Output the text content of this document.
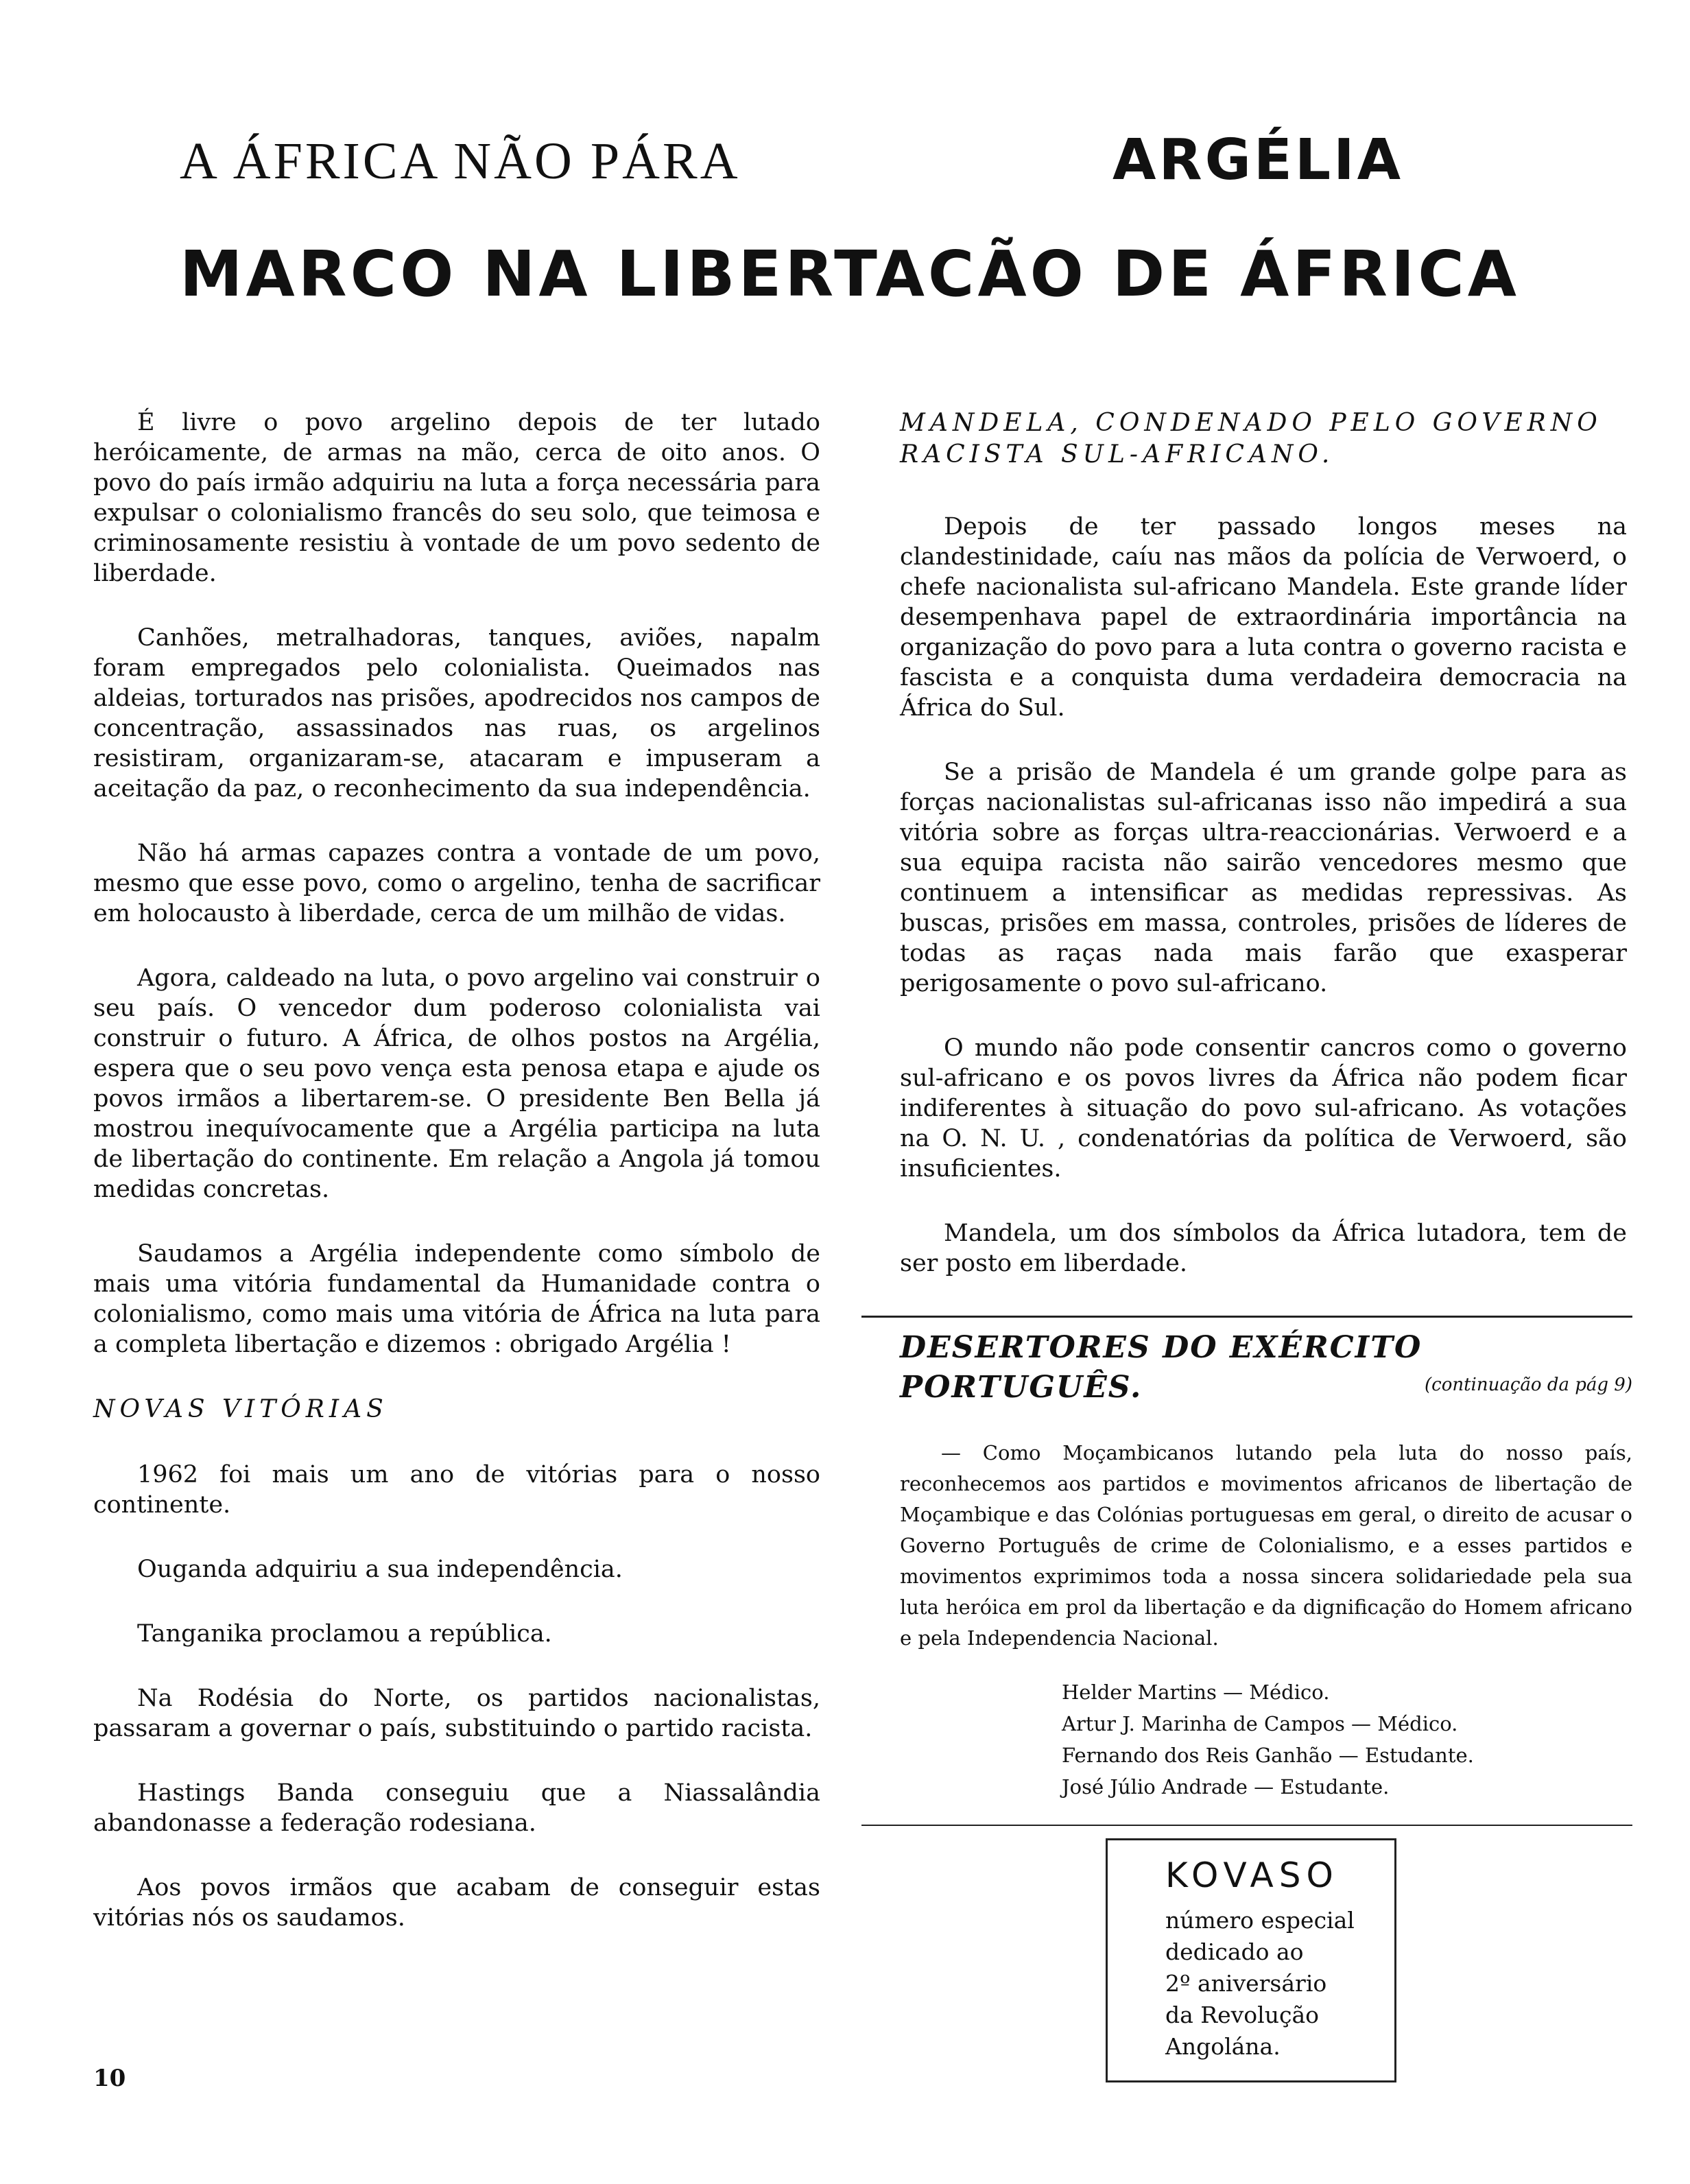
A ÁFRICA NÃO PÁRA	ARGÉLIA
MARCO NA LIBERTACÃO DE ÁFRICA

É livre o povo argelino depois de ter lutado heróicamente, de armas na mão, cerca de oito anos. O povo do país irmão adquiriu na luta a força necessária para expulsar o colonialismo francês do seu solo, que teimosa e criminosamente resistiu à vontade de um povo sedento de liberdade.

Canhões, metralhadoras, tanques, aviões, napalm foram empregados pelo colonialista. Queimados nas aldeias, torturados nas prisões, apodrecidos nos campos de concentração, assassinados nas ruas, os argelinos resistiram, organizaram-se, atacaram e impuseram a aceitação da paz, o reconhecimento da sua independência.

Não há armas capazes contra a vontade de um povo, mesmo que esse povo, como o argelino, tenha de sacrificar em holocausto à liberdade, cerca de um milhão de vidas.

Agora, caldeado na luta, o povo argelino vai construir o seu país. O vencedor dum poderoso colonialista vai construir o futuro. A África, de olhos postos na Argélia, espera que o seu povo vença esta penosa etapa e ajude os povos irmãos a libertarem-se. O presidente Ben Bella já mostrou inequívocamente que a Argélia participa na luta de libertação do continente. Em relação a Angola já tomou medidas concretas.

Saudamos a Argélia independente como símbolo de mais uma vitória fundamental da Humanidade contra o colonialismo, como mais uma vitória de África na luta para a completa libertação e dizemos : obrigado Argélia !

NOVAS VITÓRIAS

1962 foi mais um ano de vitórias para o nosso continente.

Ouganda adquiriu a sua independência.

Tanganika proclamou a república.

Na Rodésia do Norte, os partidos nacionalistas, passaram a governar o país, substituindo o partido racista.

Hastings Banda conseguiu que a Niassalândia abandonasse a federação rodesiana.

Aos povos irmãos que acabam de conseguir estas vitórias nós os saudamos.

MANDELA, CONDENADO PELO GOVERNO RACISTA SUL-AFRICANO.

Depois de ter passado longos meses na clandestinidade, caíu nas mãos da polícia de Verwoerd, o chefe nacionalista sul-africano Mandela. Este grande líder desempenhava papel de extraordinária importância na organização do povo para a luta contra o governo racista e fascista e a conquista duma verdadeira democracia na África do Sul.

Se a prisão de Mandela é um grande golpe para as forças nacionalistas sul-africanas isso não impedirá a sua vitória sobre as forças ultra-reaccionárias. Verwoerd e a sua equipa racista não sairão vencedores mesmo que continuem a intensificar as medidas repressivas. As buscas, prisões em massa, controles, prisões de líderes de todas as raças nada mais farão que exasperar perigosamente o povo sul-africano.

O mundo não pode consentir cancros como o governo sul-africano e os povos livres da África não podem ficar indiferentes à situação do povo sul-africano. As votações na O. N. U. , condenatórias da política de Verwoerd, são insuficientes.

Mandela, um dos símbolos da África lutadora, tem de ser posto em liberdade.

DESERTORES DO EXÉRCITO
PORTUGUÊS.	(continuação da pág 9)

— Como Moçambicanos lutando pela luta do nosso país, reconhecemos aos partidos e movimentos africanos de libertação de Moçambique e das Colónias portuguesas em geral, o direito de acusar o Governo Português de crime de Colonialismo, e a esses partidos e movimentos exprimimos toda a nossa sincera solidariedade pela sua luta heróica em prol da libertação e da dignificação do Homem africano e pela Independencia Nacional.

Helder Martins — Médico.
Artur J. Marinha de Campos — Médico.
Fernando dos Reis Ganhão — Estudante.
José Júlio Andrade — Estudante.
KOVASO
número especial
dedicado ao
2º aniversário
da Revolução
Angolána.
10
